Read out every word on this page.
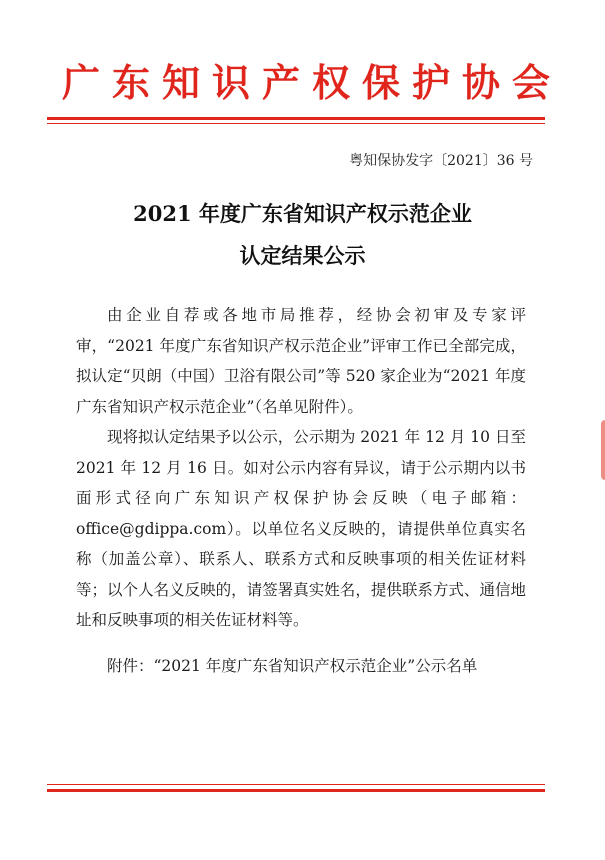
广东知识产权保护协会
粤知保协发字〔2021〕36 号
2021 年度广东省知识产权示范企业
认定结果公示

由企业自荐或各地市局推荐，经协会初审及专家评审，“2021 年度广东省知识产权示范企业”评审工作已全部完成，拟认定“贝朗（中国）卫浴有限公司”等 520 家企业为“2021 年度广东省知识产权示范企业”（名单见附件）。

现将拟认定结果予以公示，公示期为 2021 年 12 月 10 日至 2021 年 12 月 16 日。如对公示内容有异议，请于公示期内以书面形式径向广东知识产权保护协会反映（电子邮箱：office@gdippa.com）。以单位名义反映的，请提供单位真实名称（加盖公章）、联系人、联系方式和反映事项的相关佐证材料等；以个人名义反映的，请签署真实姓名，提供联系方式、通信地址和反映事项的相关佐证材料等。

附件：“2021 年度广东省知识产权示范企业”公示名单
